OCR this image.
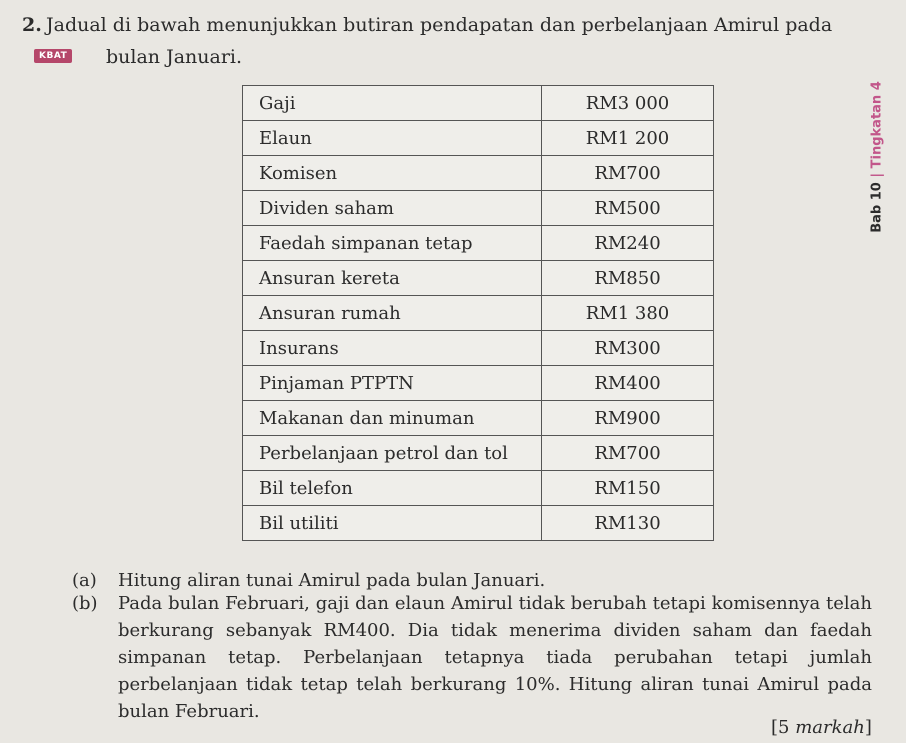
2. Jadual di bawah menunjukkan butiran pendapatan dan perbelanjaan Amirul pada
KBAT bulan Januari.
Gaji	RM3 000
Elaun	RM1 200
Komisen	RM700
Dividen saham	RM500
Faedah simpanan tetap	RM240
Ansuran kereta	RM850
Ansuran rumah	RM1 380
Insurans	RM300
Pinjaman PTPTN	RM400
Makanan dan minuman	RM900
Perbelanjaan petrol dan tol	RM700
Bil telefon	RM150
Bil utiliti	RM130
Bab 10 | Tingkatan 4
(a) Hitung aliran tunai Amirul pada bulan Januari.
(b) Pada bulan Februari, gaji dan elaun Amirul tidak berubah tetapi komisennya telah berkurang sebanyak RM400. Dia tidak menerima dividen saham dan faedah simpanan tetap. Perbelanjaan tetapnya tiada perubahan tetapi jumlah perbelanjaan tidak tetap telah berkurang 10%. Hitung aliran tunai Amirul pada bulan Februari.
[5 markah]
